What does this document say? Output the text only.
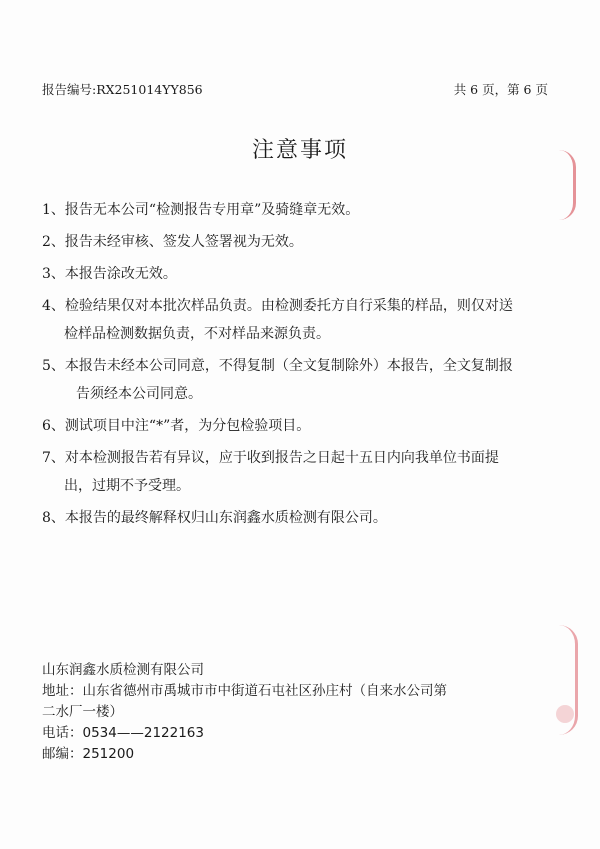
报告编号:RX251014YY856	共 6 页，第 6 页
注意事项
1、报告无本公司“检测报告专用章”及骑缝章无效。
2、报告未经审核、签发人签署视为无效。
3、本报告涂改无效。
4、检验结果仅对本批次样品负责。由检测委托方自行采集的样品，则仅对送
检样品检测数据负责，不对样品来源负责。
5、本报告未经本公司同意，不得复制（全文复制除外）本报告，全文复制报
告须经本公司同意。
6、测试项目中注“*”者，为分包检验项目。
7、对本检测报告若有异议，应于收到报告之日起十五日内向我单位书面提
出，过期不予受理。
8、本报告的最终解释权归山东润鑫水质检测有限公司。
山东润鑫水质检测有限公司
地址：山东省德州市禹城市市中街道石屯社区孙庄村（自来水公司第
二水厂一楼）
电话：0534——2122163
邮编：251200
